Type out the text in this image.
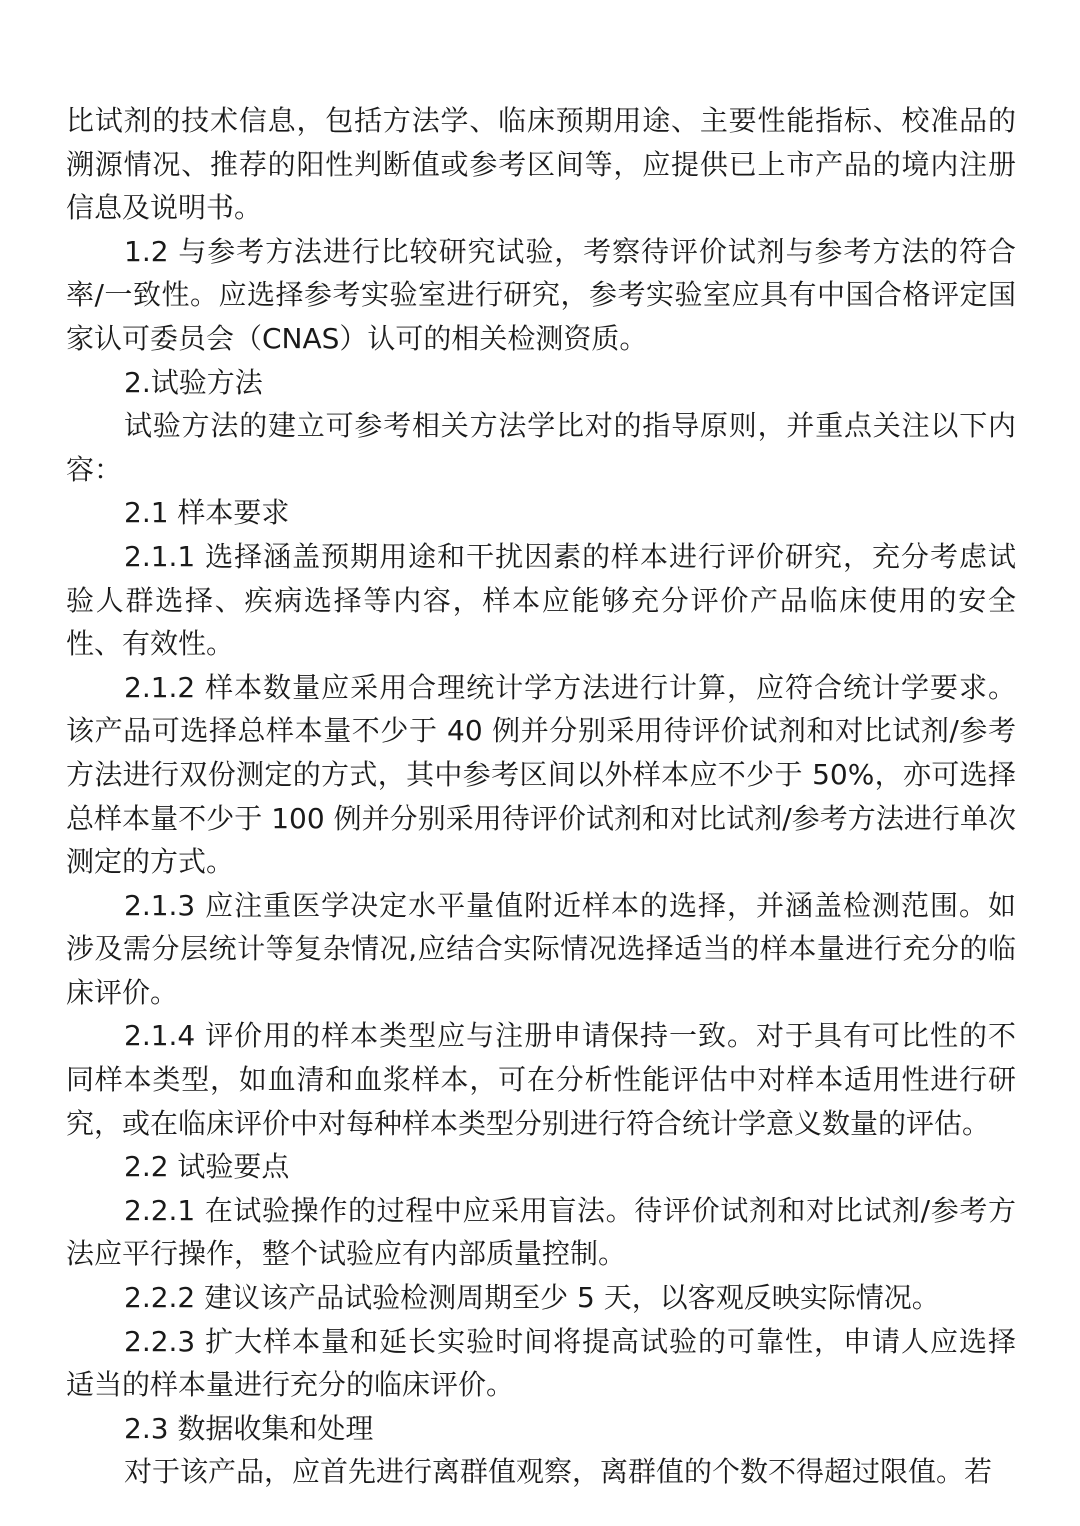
比试剂的技术信息，包括方法学、临床预期用途、主要性能指标、校准品的溯源情况、推荐的阳性判断值或参考区间等，应提供已上市产品的境内注册信息及说明书。

1.2 与参考方法进行比较研究试验，考察待评价试剂与参考方法的符合率/一致性。应选择参考实验室进行研究，参考实验室应具有中国合格评定国家认可委员会（CNAS）认可的相关检测资质。

2.试验方法

试验方法的建立可参考相关方法学比对的指导原则，并重点关注以下内容：

2.1 样本要求

2.1.1 选择涵盖预期用途和干扰因素的样本进行评价研究，充分考虑试验人群选择、疾病选择等内容，样本应能够充分评价产品临床使用的安全性、有效性。

2.1.2 样本数量应采用合理统计学方法进行计算，应符合统计学要求。该产品可选择总样本量不少于 40 例并分别采用待评价试剂和对比试剂/参考方法进行双份测定的方式，其中参考区间以外样本应不少于 50%，亦可选择总样本量不少于 100 例并分别采用待评价试剂和对比试剂/参考方法进行单次测定的方式。

2.1.3 应注重医学决定水平量值附近样本的选择，并涵盖检测范围。如涉及需分层统计等复杂情况,应结合实际情况选择适当的样本量进行充分的临床评价。

2.1.4 评价用的样本类型应与注册申请保持一致。对于具有可比性的不同样本类型，如血清和血浆样本，可在分析性能评估中对样本适用性进行研究，或在临床评价中对每种样本类型分别进行符合统计学意义数量的评估。

2.2 试验要点

2.2.1 在试验操作的过程中应采用盲法。待评价试剂和对比试剂/参考方法应平行操作，整个试验应有内部质量控制。

2.2.2 建议该产品试验检测周期至少 5 天，以客观反映实际情况。

2.2.3 扩大样本量和延长实验时间将提高试验的可靠性，申请人应选择适当的样本量进行充分的临床评价。

2.3 数据收集和处理

对于该产品，应首先进行离群值观察，离群值的个数不得超过限值。若
